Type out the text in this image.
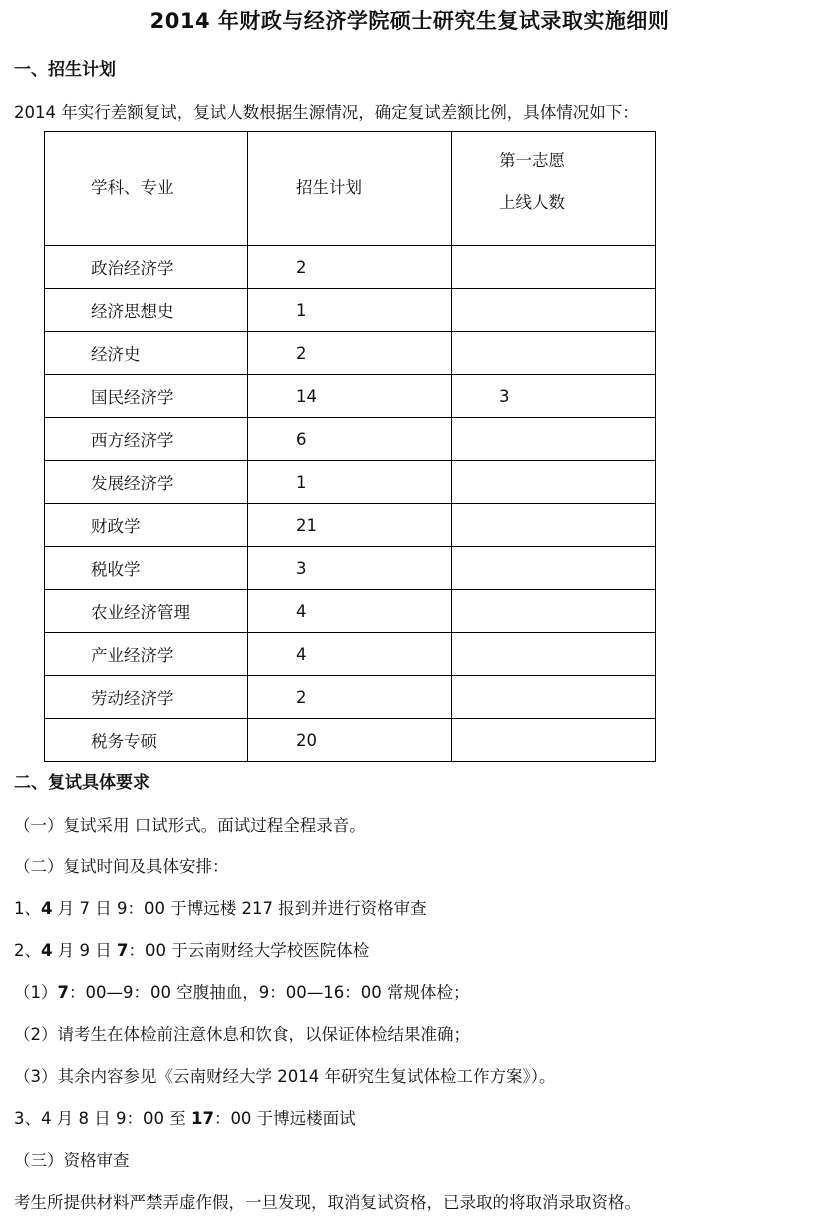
2014 年财政与经济学院硕士研究生复试录取实施细则
一、招生计划
2014 年实行差额复试，复试人数根据生源情况，确定复试差额比例，具体情况如下：
学科、专业	招生计划	第一志愿
上线人数

政治经济学	2	
经济思想史	1	
经济史	2	
国民经济学	14	3
西方经济学	6	
发展经济学	1	
财政学	21	
税收学	3	
农业经济管理	4	
产业经济学	4	
劳动经济学	2	
税务专硕	20	
二、复试具体要求
（一）复试采用 口试形式。面试过程全程录音。
（二）复试时间及具体安排：
1、4 月 7 日 9：00 于博远楼 217 报到并进行资格审查
2、4 月 9 日 7：00 于云南财经大学校医院体检
（1）7：00—9：00 空腹抽血，9：00—16：00 常规体检；
（2）请考生在体检前注意休息和饮食，以保证体检结果准确；
（3）其余内容参见《云南财经大学 2014 年研究生复试体检工作方案》）。
3、4 月 8 日 9：00 至 17：00 于博远楼面试
（三）资格审查
考生所提供材料严禁弄虚作假，一旦发现，取消复试资格，已录取的将取消录取资格。
